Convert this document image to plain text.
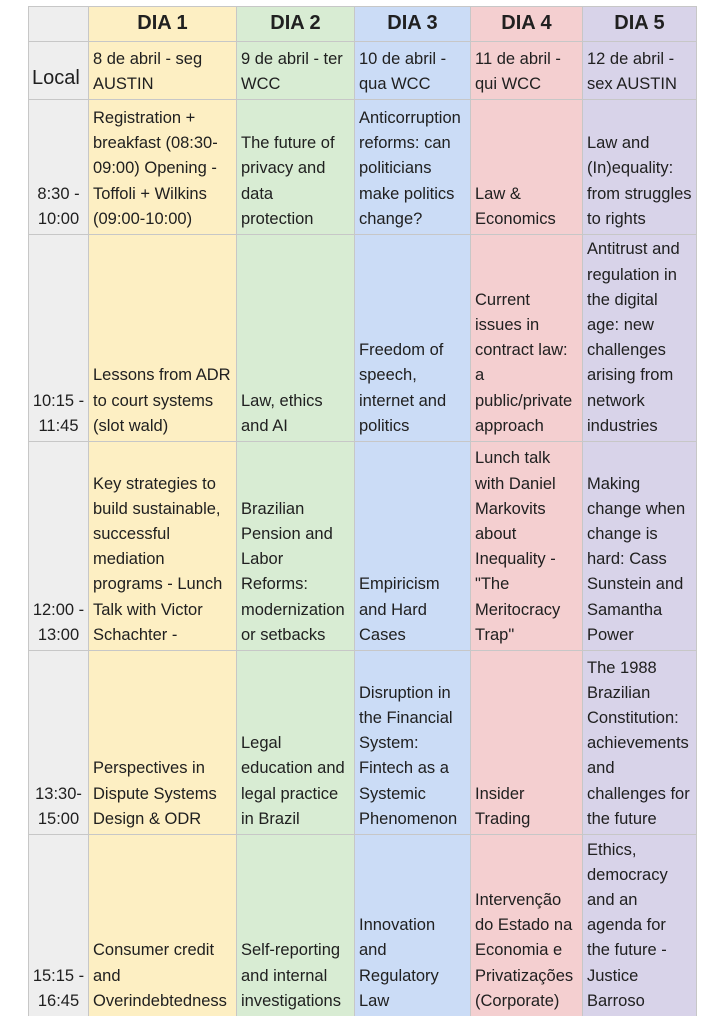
	DIA 1	DIA 2	DIA 3	DIA 4	DIA 5
Local	8 de abril - seg AUSTIN	9 de abril - ter WCC	10 de abril - qua WCC	11 de abril - qui WCC	12 de abril - sex AUSTIN
8:30 - 10:00	Registration + breakfast (08:30-09:00) Opening - Toffoli + Wilkins (09:00-10:00)	The future of privacy and data protection	Anticorruption reforms: can politicians make politics change?	Law & Economics	Law and (In)equality: from struggles to rights
10:15 - 11:45	Lessons from ADR to court systems (slot wald)	Law, ethics and AI	Freedom of speech, internet and politics	Current issues in contract law: a public/private approach	Antitrust and regulation in the digital age: new challenges arising from network industries
12:00 - 13:00	Key strategies to build sustainable, successful mediation programs - Lunch Talk with Victor Schachter -	Brazilian Pension and Labor Reforms: modernization or setbacks	Empiricism and Hard Cases	Lunch talk with Daniel Markovits about Inequality - "The Meritocracy Trap"	Making change when change is hard: Cass Sunstein and Samantha Power
13:30- 15:00	Perspectives in Dispute Systems Design & ODR	Legal education and legal practice in Brazil	Disruption in the Financial System: Fintech as a Systemic Phenomenon	Insider Trading	The 1988 Brazilian Constitution: achievements and challenges for the future
15:15 - 16:45	Consumer credit and Overindebtedness	Self-reporting and internal investigations	Innovation and Regulatory Law	Intervenção do Estado na Economia e Privatizações (Corporate)	Ethics, democracy and an agenda for the future - Justice Barroso
